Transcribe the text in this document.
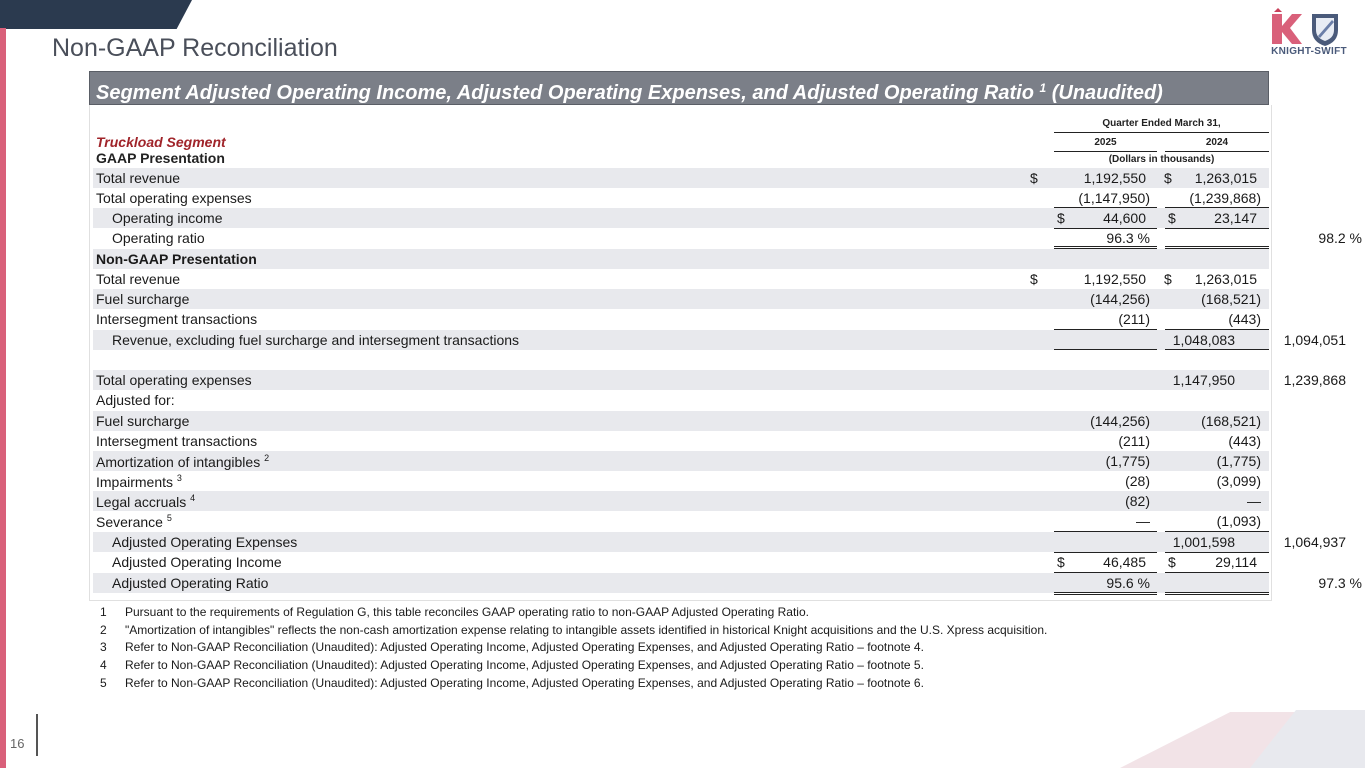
Non-GAAP Reconciliation	KNIGHT-SWIFT
Segment Adjusted Operating Income, Adjusted Operating Expenses, and Adjusted Operating Ratio $^1$ (Unaudited)
Quarter Ended March 31,
2025	2024
(Dollars in thousands)
Truckload Segment
GAAP Presentation
Total revenue	$	1,192,550 $	1,263,015
Total operating expenses	(1,147,950)	(1,239,868)
Operating income	$	44,600 $	23,147
Operating ratio	96.3 %	98.2 %
Non-GAAP Presentation
Total revenue	$	1,192,550 $	1,263,015
Fuel surcharge	(144,256)	(168,521)
Intersegment transactions	(211)	(443)
Revenue, excluding fuel surcharge and intersegment transactions	1,048,083	1,094,051
Total operating expenses	1,147,950	1,239,868
Adjusted for:
Fuel surcharge	(144,256)	(168,521)
Intersegment transactions	(211)	(443)
Amortization of intangibles $^2$	(1,775)	(1,775)
Impairments $^3$	(28)	(3,099)
Legal accruals $^4$	(82)	—
Severance $^5$	—	(1,093)
Adjusted Operating Expenses	1,001,598	1,064,937
Adjusted Operating Income	$	46,485 $	29,114
Adjusted Operating Ratio	95.6 %	97.3 %
1 Pursuant to the requirements of Regulation G, this table reconciles GAAP operating ratio to non-GAAP Adjusted Operating Ratio.
2 "Amortization of intangibles" reflects the non-cash amortization expense relating to intangible assets identified in historical Knight acquisitions and the U.S. Xpress acquisition.
3 Refer to Non-GAAP Reconciliation (Unaudited): Adjusted Operating Income, Adjusted Operating Expenses, and Adjusted Operating Ratio – footnote 4.
4 Refer to Non-GAAP Reconciliation (Unaudited): Adjusted Operating Income, Adjusted Operating Expenses, and Adjusted Operating Ratio – footnote 5.
5 Refer to Non-GAAP Reconciliation (Unaudited): Adjusted Operating Income, Adjusted Operating Expenses, and Adjusted Operating Ratio – footnote 6.
16
